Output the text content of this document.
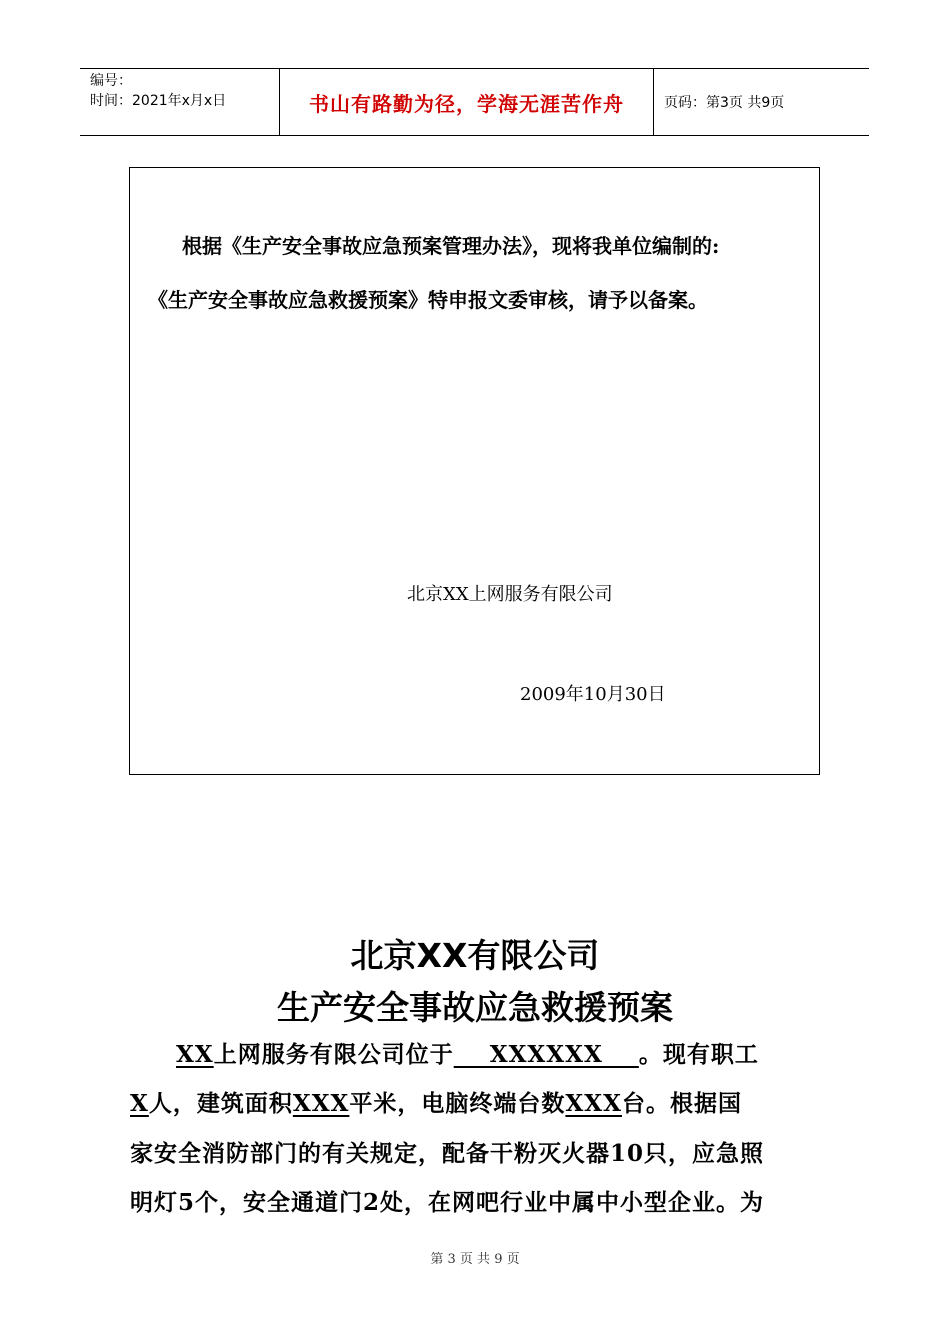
编号：
时间：2021年x月x日	书山有路勤为径，学海无涯苦作舟	页码：第3页 共9页
根据《生产安全事故应急预案管理办法》，现将我单位编制的:
《生产安全事故应急救援预案》特申报文委审核，请予以备案。
北京XX上网服务有限公司
2009年10月30日
北京XX有限公司
生产安全事故应急救援预案
XX上网服务有限公司位于    XXXXXX    。现有职工
X人，建筑面积XXX平米，电脑终端台数XXX台。根据国
家安全消防部门的有关规定，配备干粉灭火器10只，应急照
明灯5个，安全通道门2处，在网吧行业中属中小型企业。为
第 3 页 共 9 页
